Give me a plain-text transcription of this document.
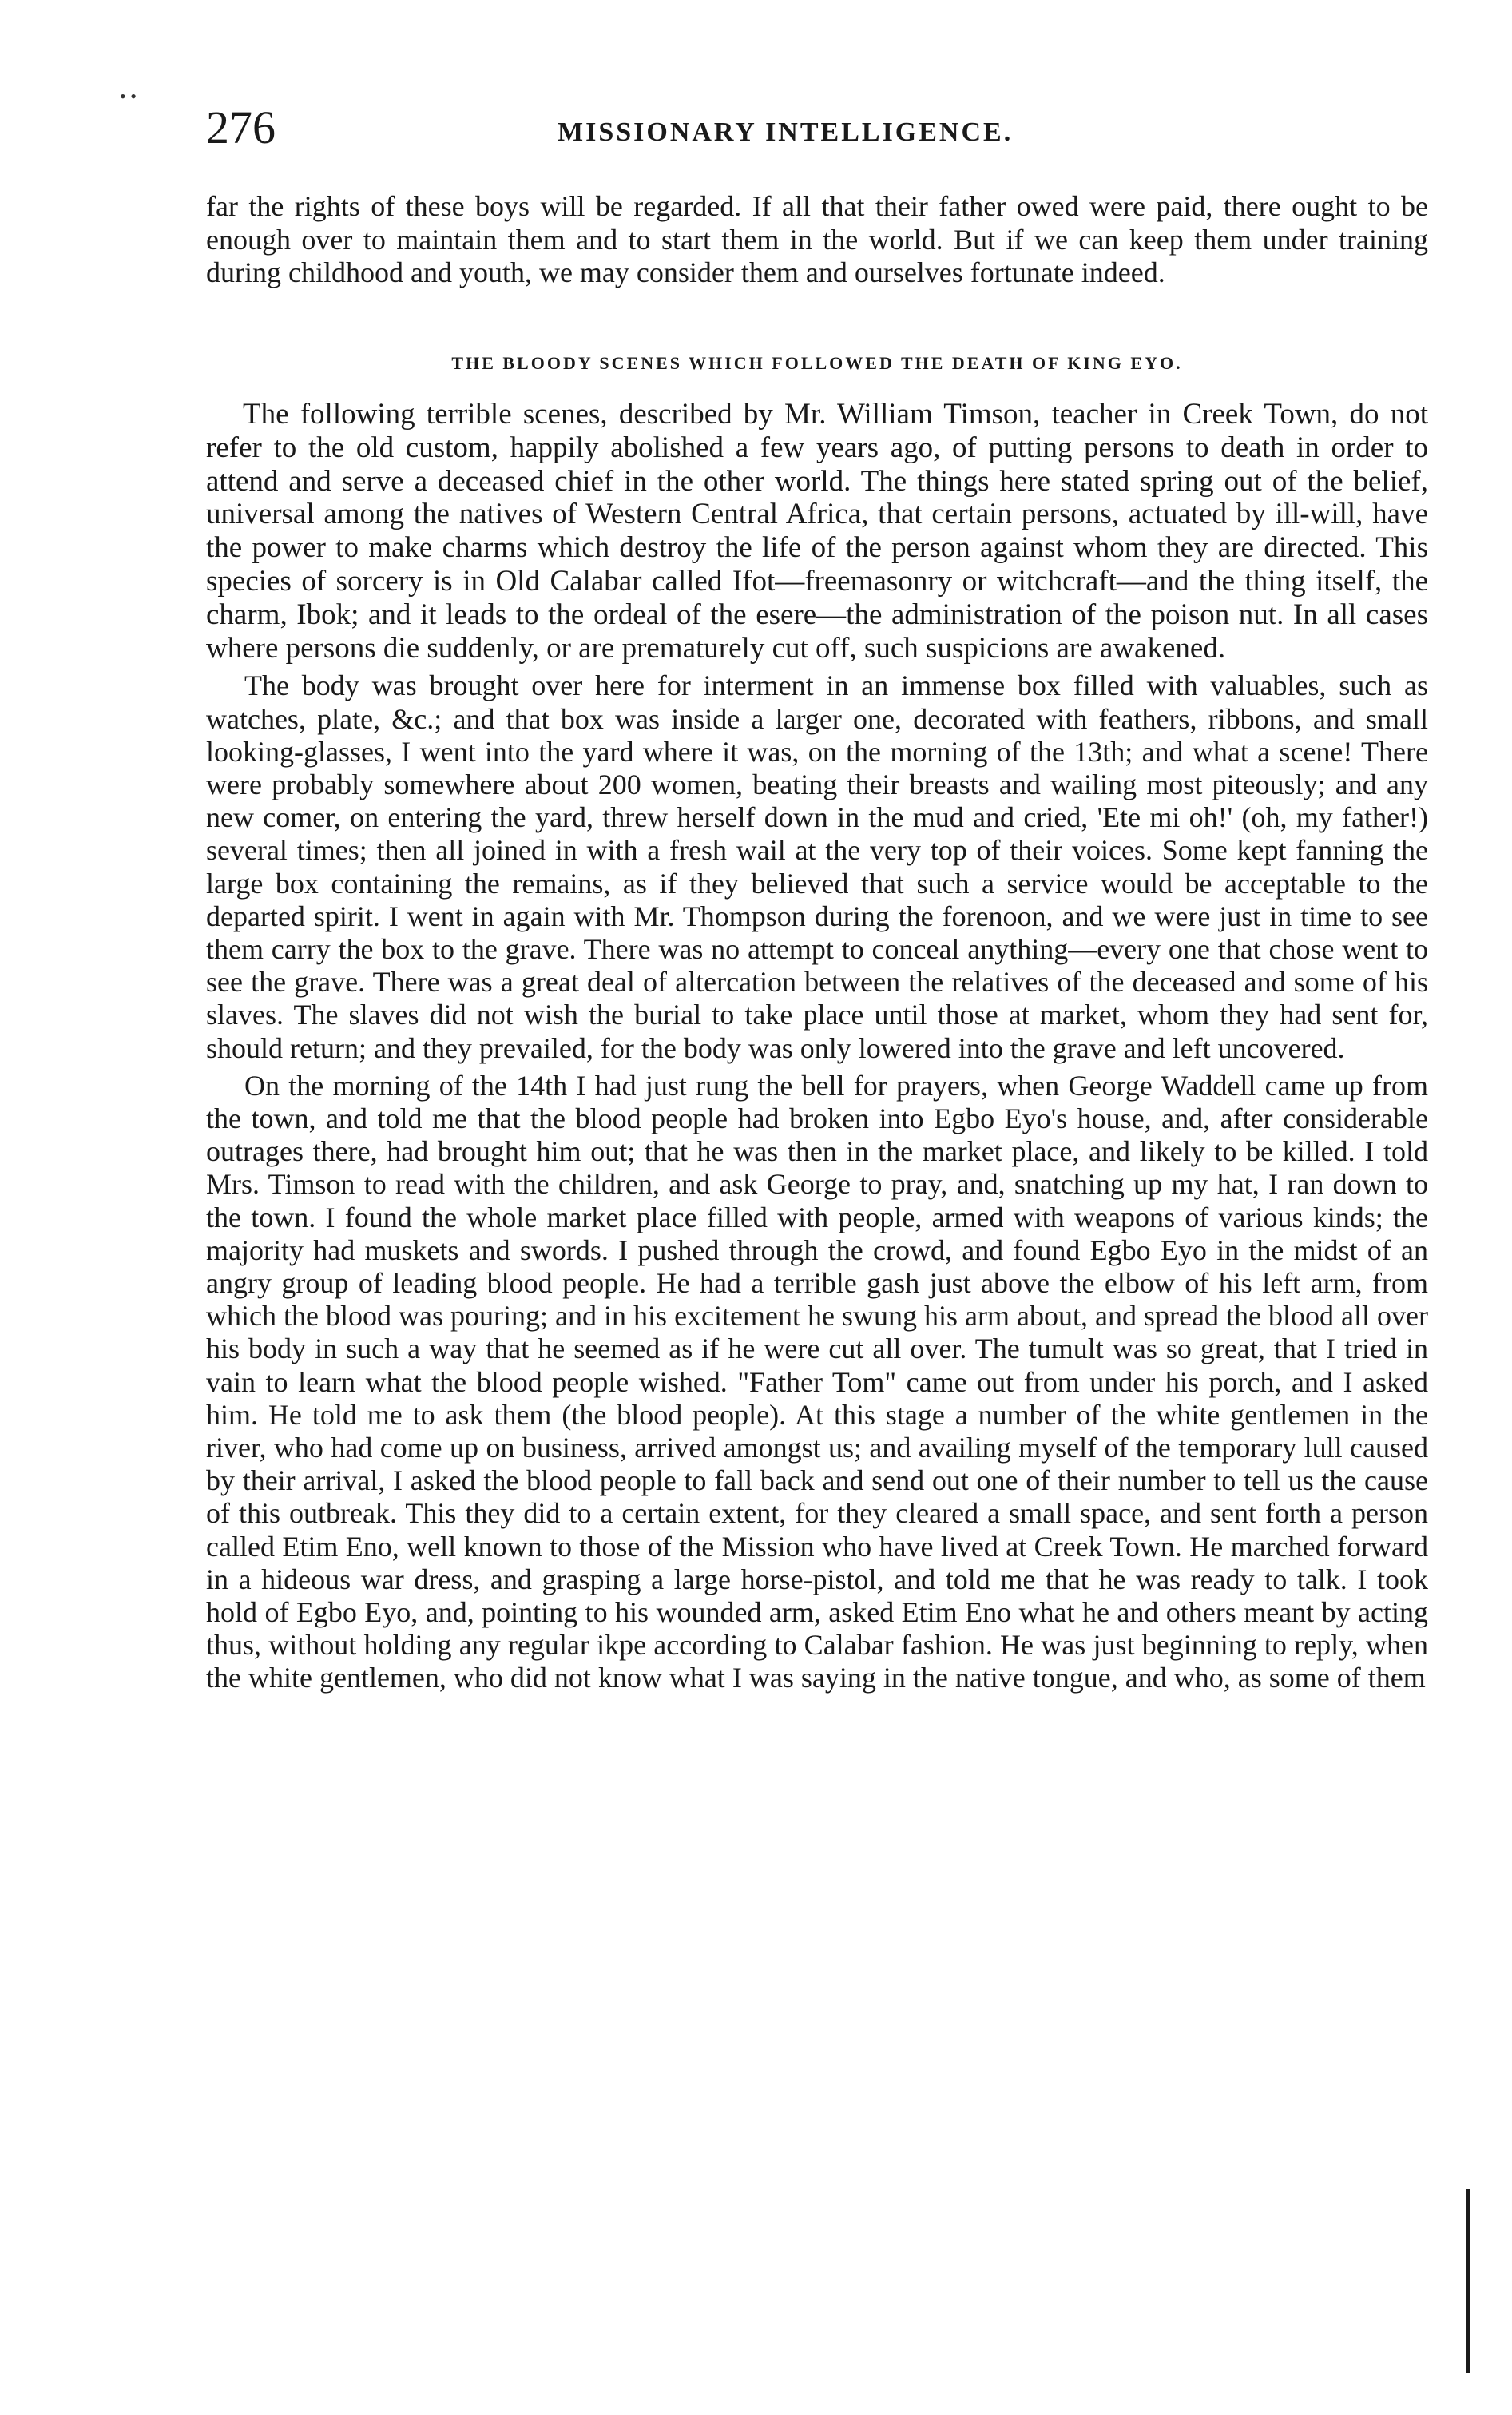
• •
276	MISSIONARY INTELLIGENCE.

far the rights of these boys will be regarded. If all that their father owed were paid, there ought to be enough over to maintain them and to start them in the world. But if we can keep them under training during childhood and youth, we may consider them and ourselves fortunate indeed.

THE BLOODY SCENES WHICH FOLLOWED THE DEATH OF KING EYO.

The following terrible scenes, described by Mr. William Timson, teacher in Creek Town, do not refer to the old custom, happily abolished a few years ago, of putting persons to death in order to attend and serve a deceased chief in the other world. The things here stated spring out of the belief, universal among the natives of Western Central Africa, that certain persons, actuated by ill-will, have the power to make charms which destroy the life of the person against whom they are directed. This species of sorcery is in Old Calabar called Ifot—freemasonry or witchcraft—and the thing itself, the charm, Ibok; and it leads to the ordeal of the esere—the administration of the poison nut. In all cases where persons die suddenly, or are prematurely cut off, such suspicions are awakened.

The body was brought over here for interment in an immense box filled with valuables, such as watches, plate, &c.; and that box was inside a larger one, decorated with feathers, ribbons, and small looking-glasses, I went into the yard where it was, on the morning of the 13th; and what a scene! There were probably somewhere about 200 women, beating their breasts and wailing most piteously; and any new comer, on entering the yard, threw herself down in the mud and cried, 'Ete mi oh!' (oh, my father!) several times; then all joined in with a fresh wail at the very top of their voices. Some kept fanning the large box containing the remains, as if they believed that such a service would be acceptable to the departed spirit. I went in again with Mr. Thompson during the forenoon, and we were just in time to see them carry the box to the grave. There was no attempt to conceal anything—every one that chose went to see the grave. There was a great deal of altercation between the relatives of the deceased and some of his slaves. The slaves did not wish the burial to take place until those at market, whom they had sent for, should return; and they prevailed, for the body was only lowered into the grave and left uncovered.

On the morning of the 14th I had just rung the bell for prayers, when George Waddell came up from the town, and told me that the blood people had broken into Egbo Eyo's house, and, after considerable outrages there, had brought him out; that he was then in the market place, and likely to be killed. I told Mrs. Timson to read with the children, and ask George to pray, and, snatching up my hat, I ran down to the town. I found the whole market place filled with people, armed with weapons of various kinds; the majority had muskets and swords. I pushed through the crowd, and found Egbo Eyo in the midst of an angry group of leading blood people. He had a terrible gash just above the elbow of his left arm, from which the blood was pouring; and in his excitement he swung his arm about, and spread the blood all over his body in such a way that he seemed as if he were cut all over. The tumult was so great, that I tried in vain to learn what the blood people wished. "Father Tom" came out from under his porch, and I asked him. He told me to ask them (the blood people). At this stage a number of the white gentlemen in the river, who had come up on business, arrived amongst us; and availing myself of the temporary lull caused by their arrival, I asked the blood people to fall back and send out one of their number to tell us the cause of this outbreak. This they did to a certain extent, for they cleared a small space, and sent forth a person called Etim Eno, well known to those of the Mission who have lived at Creek Town. He marched forward in a hideous war dress, and grasping a large horse-pistol, and told me that he was ready to talk. I took hold of Egbo Eyo, and, pointing to his wounded arm, asked Etim Eno what he and others meant by acting thus, without holding any regular ikpe according to Calabar fashion. He was just beginning to reply, when the white gentlemen, who did not know what I was saying in the native tongue, and who, as some of them
